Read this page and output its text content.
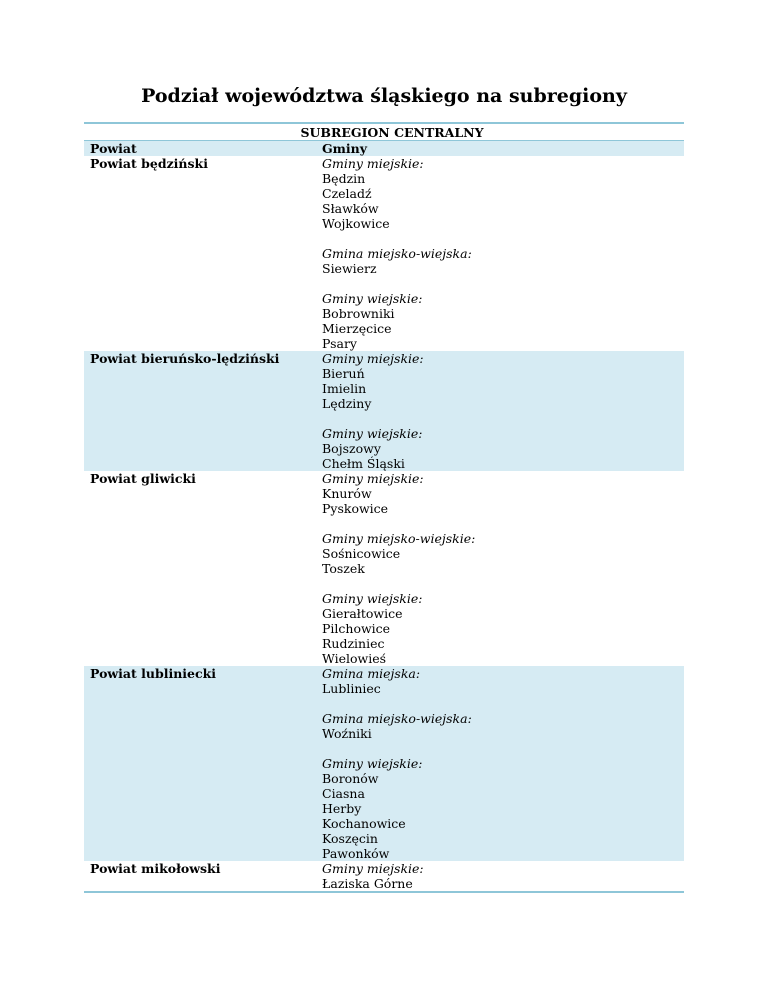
Podział województwa śląskiego na subregiony
SUBREGION CENTRALNY
Powiat	Gminy
Powiat będziński	Gminy miejskie:
Będzin
Czeladź
Sławków
Wojkowice
Gmina miejsko-wiejska:
Siewierz
Gminy wiejskie:
Bobrowniki
Mierzęcice
Psary
Powiat bieruńsko-lędziński	Gminy miejskie:
Bieruń
Imielin
Lędziny
Gminy wiejskie:
Bojszowy
Chełm Śląski
Powiat gliwicki	Gminy miejskie:
Knurów
Pyskowice
Gminy miejsko-wiejskie:
Sośnicowice
Toszek
Gminy wiejskie:
Gierałtowice
Pilchowice
Rudziniec
Wielowieś
Powiat lubliniecki	Gmina miejska:
Lubliniec
Gmina miejsko-wiejska:
Woźniki
Gminy wiejskie:
Boronów
Ciasna
Herby
Kochanowice
Koszęcin
Pawonków
Powiat mikołowski	Gminy miejskie:
Łaziska Górne
